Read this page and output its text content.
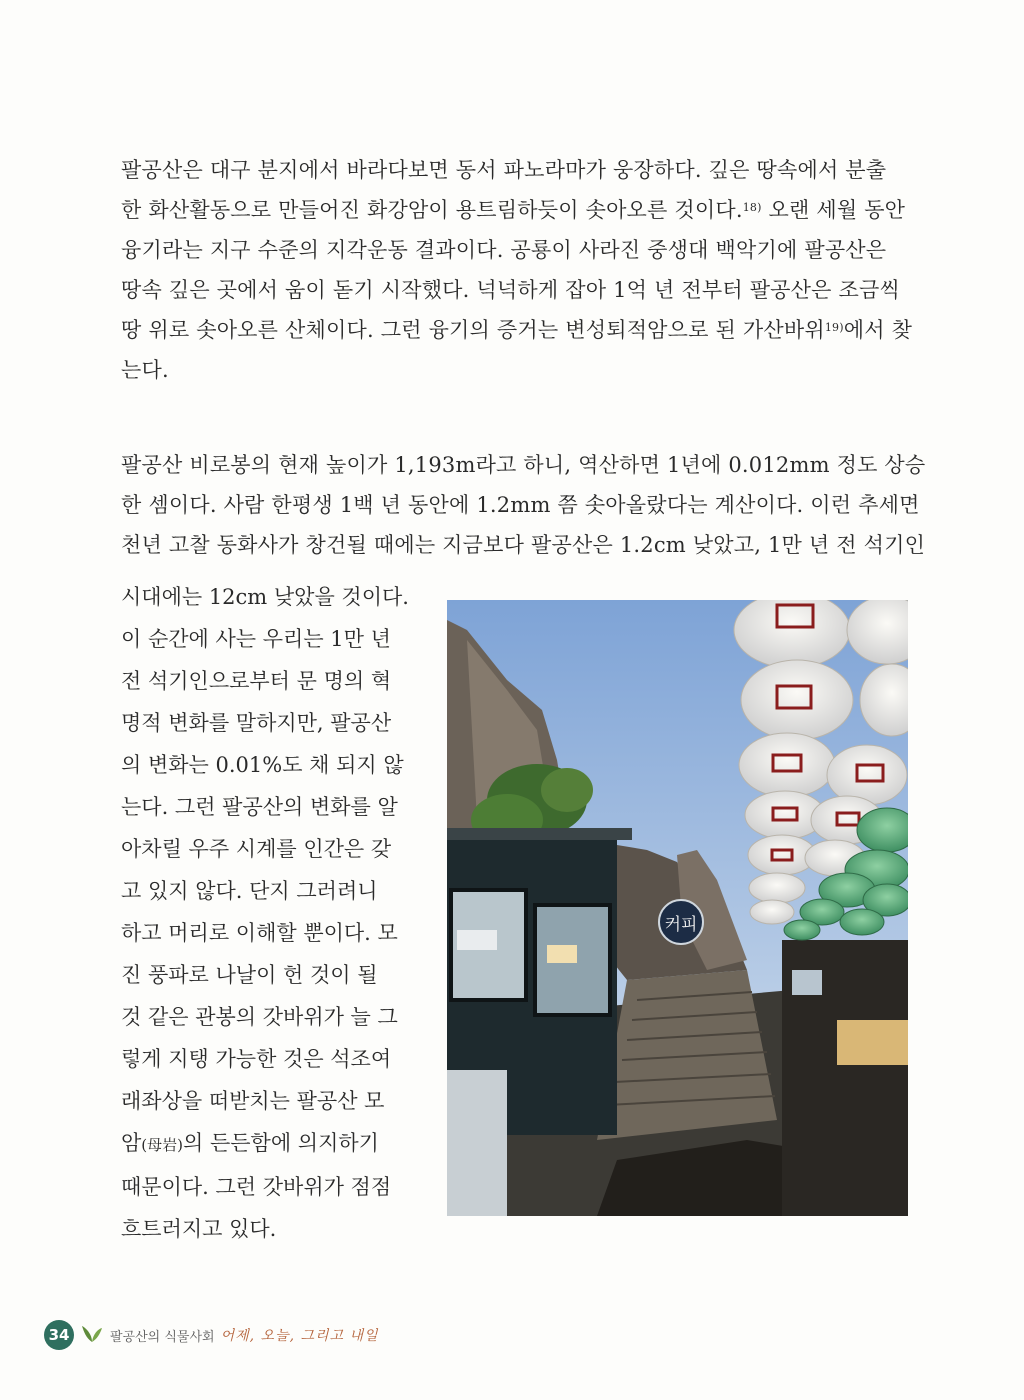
팔공산은 대구 분지에서 바라다보면 동서 파노라마가 웅장하다. 깊은 땅속에서 분출
한 화산활동으로 만들어진 화강암이 용트림하듯이 솟아오른 것이다.$^{18)}$ 오랜 세월 동안
융기라는 지구 수준의 지각운동 결과이다. 공룡이 사라진 중생대 백악기에 팔공산은
땅속 깊은 곳에서 움이 돋기 시작했다. 넉넉하게 잡아 1억 년 전부터 팔공산은 조금씩
땅 위로 솟아오른 산체이다. 그런 융기의 증거는 변성퇴적암으로 된 가산바위$^{19)}$에서 찾
는다.

팔공산 비로봉의 현재 높이가 1,193m라고 하니, 역산하면 1년에 0.012mm 정도 상승
한 셈이다. 사람 한평생 1백 년 동안에 1.2mm 쯤 솟아올랐다는 계산이다. 이런 추세면
천년 고찰 동화사가 창건될 때에는 지금보다 팔공산은 1.2cm 낮았고, 1만 년 전 석기인

시대에는 12cm 낮았을 것이다.
이 순간에 사는 우리는 1만 년
전 석기인으로부터 문 명의 혁
명적 변화를 말하지만, 팔공산
의 변화는 0.01%도 채 되지 않
는다. 그런 팔공산의 변화를 알
아차릴 우주 시계를 인간은 갖
고 있지 않다. 단지 그러려니
하고 머리로 이해할 뿐이다. 모
진 풍파로 나날이 헌 것이 될
것 같은 관봉의 갓바위가 늘 그
렇게 지탱 가능한 것은 석조여
래좌상을 떠받치는 팔공산 모
암(母岩)의 든든함에 의지하기
때문이다. 그런 갓바위가 점점
흐트러지고 있다.

커피
34	팔공산의 식물사회 어제, 오늘, 그리고 내일
